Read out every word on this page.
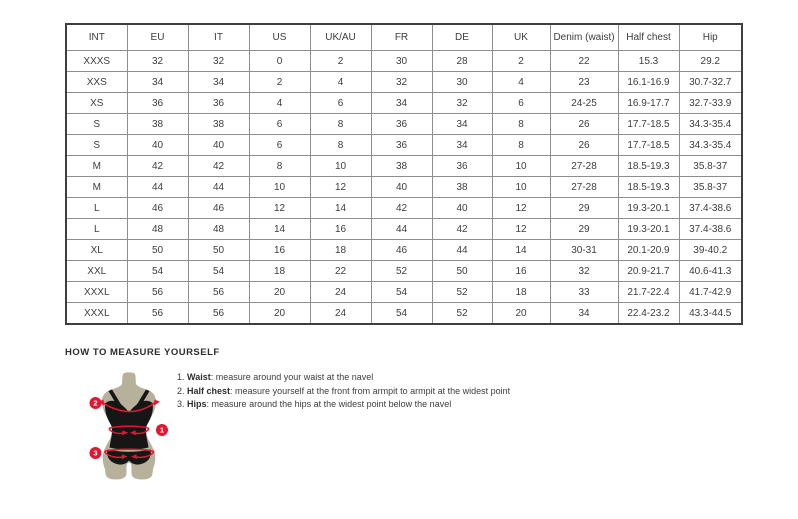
INT	EU	IT	US	UK/AU	FR	DE	UK	Denim (waist)	Half chest	Hip
XXXS	32	32	0	2	30	28	2	22	15.3	29.2
XXS	34	34	2	4	32	30	4	23	16.1-16.9	30.7-32.7
XS	36	36	4	6	34	32	6	24-25	16.9-17.7	32.7-33.9
S	38	38	6	8	36	34	8	26	17.7-18.5	34.3-35.4
S	40	40	6	8	36	34	8	26	17.7-18.5	34.3-35.4
M	42	42	8	10	38	36	10	27-28	18.5-19.3	35.8-37
M	44	44	10	12	40	38	10	27-28	18.5-19.3	35.8-37
L	46	46	12	14	42	40	12	29	19.3-20.1	37.4-38.6
L	48	48	14	16	44	42	12	29	19.3-20.1	37.4-38.6
XL	50	50	16	18	46	44	14	30-31	20.1-20.9	39-40.2
XXL	54	54	18	22	52	50	16	32	20.9-21.7	40.6-41.3
XXXL	56	56	20	24	54	52	18	33	21.7-22.4	41.7-42.9
XXXL	56	56	20	24	54	52	20	34	22.4-23.2	43.3-44.5
HOW TO MEASURE YOURSELF
2
1
3

1. Waist: measure around your waist at the navel

2. Half chest: measure yourself at the front from armpit to armpit at the widest point

3. Hips: measure around the hips at the widest point below the navel
